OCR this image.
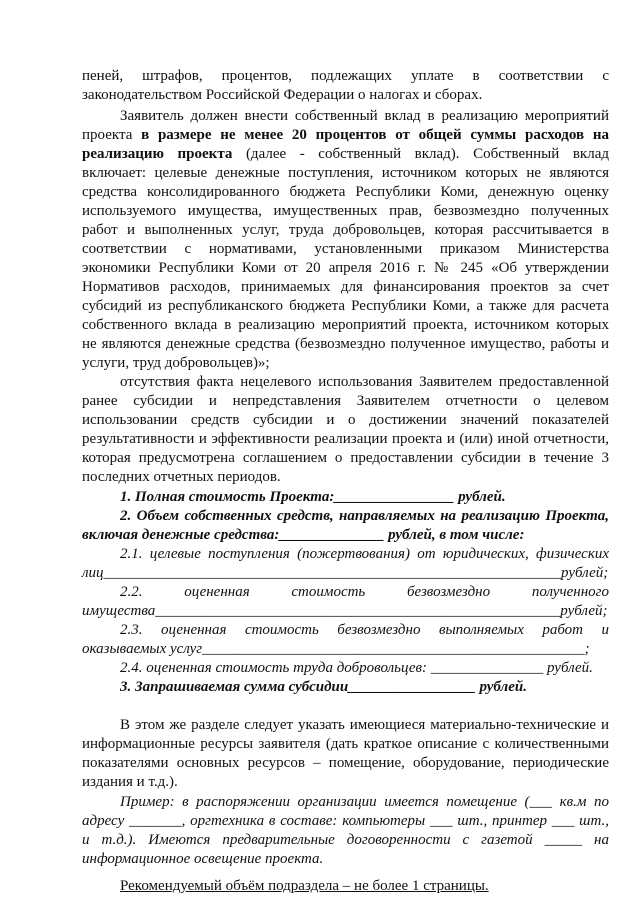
пеней, штрафов, процентов, подлежащих уплате в соответствии с
законодательством Российской Федерации о налогах и сборах.
Заявитель должен внести собственный вклад в реализацию мероприятий
проекта в размере не менее 20 процентов от общей суммы расходов на
реализацию проекта (далее - собственный вклад). Собственный вклад
включает: целевые денежные поступления, источником которых не являются
средства консолидированного бюджета Республики Коми, денежную оценку
используемого имущества, имущественных прав, безвозмездно полученных
работ и выполненных услуг, труда добровольцев, которая рассчитывается в
соответствии с нормативами, установленными приказом Министерства
экономики Республики Коми от 20 апреля 2016 г. № 245 «Об утверждении
Нормативов расходов, принимаемых для финансирования проектов за счет
субсидий из республиканского бюджета Республики Коми, а также для расчета
собственного вклада в реализацию мероприятий проекта, источником которых
не являются денежные средства (безвозмездно полученное имущество, работы и
услуги, труд добровольцев)»;
отсутствия факта нецелевого использования Заявителем предоставленной
ранее субсидии и непредставления Заявителем отчетности о целевом
использовании средств субсидии и о достижении значений показателей
результативности и эффективности реализации проекта и (или) иной отчетности,
которая предусмотрена соглашением о предоставлении субсидии в течение 3
последних отчетных периодов.
1. Полная стоимость Проекта:________________ рублей.
2. Объем собственных средств, направляемых на реализацию Проекта,
включая денежные средства:______________ рублей, в том числе:
2.1. целевые поступления (пожертвования) от юридических, физических
лиц_____________________________________________________________рублей;
2.2. оцененная стоимость безвозмездно полученного
имущества______________________________________________________рублей;
2.3. оцененная стоимость безвозмездно выполняемых работ и
оказываемых услуг___________________________________________________;
2.4. оцененная стоимость труда добровольцев: _______________ рублей.
3. Запрашиваемая сумма субсидии_________________ рублей.
В этом же разделе следует указать имеющиеся материально-технические и
информационные ресурсы заявителя (дать краткое описание с количественными
показателями основных ресурсов – помещение, оборудование, периодические
издания и т.д.).
Пример: в распоряжении организации имеется помещение (___ кв.м по
адресу _______, оргтехника в составе: компьютеры ___ шт., принтер ___ шт.,
и т.д.). Имеются предварительные договоренности с газетой _____ на
информационное освещение проекта.
Рекомендуемый объём подраздела – не более 1 страницы.
